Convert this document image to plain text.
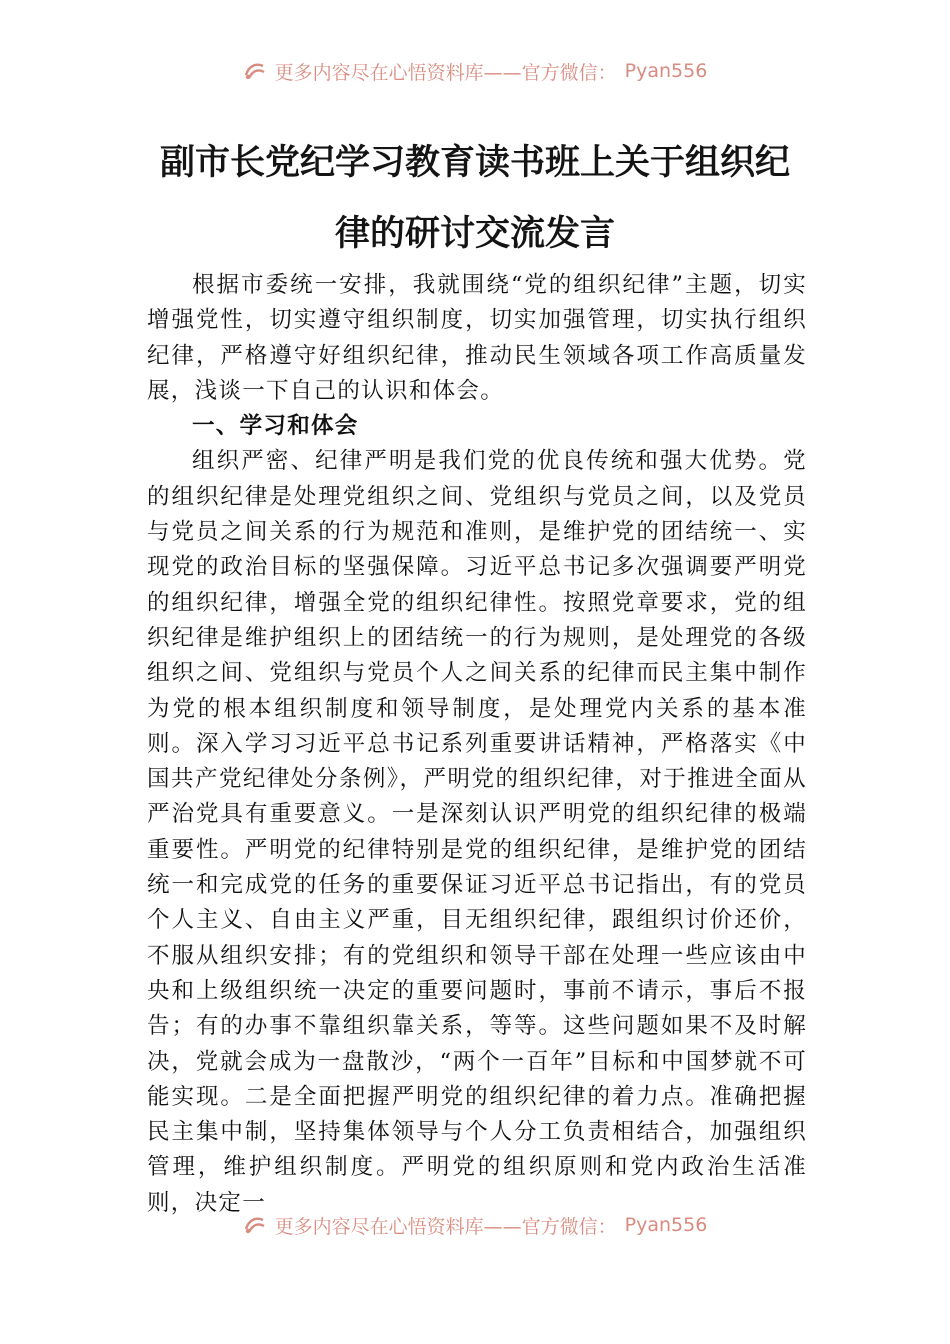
更多内容尽在心悟资料库——官方微信： Pyan556
副市长党纪学习教育读书班上关于组织纪
律的研讨交流发言

根据市委统一安排，我就围绕“党的组织纪律”主题，切实增强党性，切实遵守组织制度，切实加强管理，切实执行组织纪律，严格遵守好组织纪律，推动民生领域各项工作高质量发展，浅谈一下自己的认识和体会。

一、学习和体会

组织严密、纪律严明是我们党的优良传统和强大优势。党的组织纪律是处理党组织之间、党组织与党员之间，以及党员与党员之间关系的行为规范和准则，是维护党的团结统一、实现党的政治目标的坚强保障。习近平总书记多次强调要严明党的组织纪律，增强全党的组织纪律性。按照党章要求，党的组织纪律是维护组织上的团结统一的行为规则，是处理党的各级组织之间、党组织与党员个人之间关系的纪律而民主集中制作为党的根本组织制度和领导制度，是处理党内关系的基本准则。深入学习习近平总书记系列重要讲话精神，严格落实《中国共产党纪律处分条例》，严明党的组织纪律，对于推进全面从严治党具有重要意义。一是深刻认识严明党的组织纪律的极端重要性。严明党的纪律特别是党的组织纪律，是维护党的团结统一和完成党的任务的重要保证习近平总书记指出，有的党员个人主义、自由主义严重，目无组织纪律，跟组织讨价还价，不服从组织安排；有的党组织和领导干部在处理一些应该由中央和上级组织统一决定的重要问题时，事前不请示，事后不报告；有的办事不靠组织靠关系，等等。这些问题如果不及时解决，党就会成为一盘散沙，“两个一百年”目标和中国梦就不可能实现。二是全面把握严明党的组织纪律的着力点。准确把握民主集中制，坚持集体领导与个人分工负责相结合，加强组织管理，维护组织制度。严明党的组织原则和党内政治生活准则，决定一

更多内容尽在心悟资料库——官方微信： Pyan556
